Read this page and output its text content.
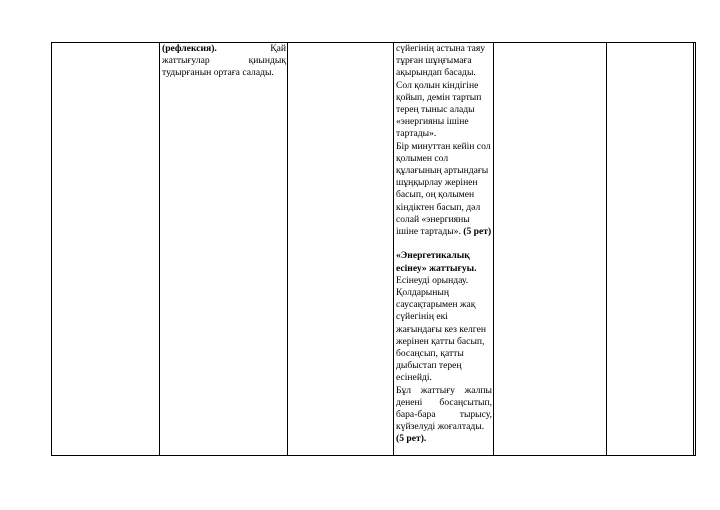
(рефлексия).	Қай
жаттығулар қиындық
тудырғанын ортаға салады.

сүйегінің астына таяу тұрған шұңғымаға ақырындап басады.
Сол қолын кіндігіне қойып, демін тартып терең тыныс алады «энергияны ішіне тартады».
Бір минуттан кейін сол қолымен сол құлағының артындағы шұңқырлау жерінен басып, оң қолымен кіндіктен басып, дәл солай «энергияны ішіне тартады». (5 рет)
«Энергетикалық есінеу» жаттығуы.
Есінеуді орындау. Қолдарының саусақтарымен жақ сүйегінің екі жағындағы кез келген жерінен қатты басып, босаңсып, қатты дыбыстап терең есінейді.
Бұл жаттығу жалпы денені босаңсытып, бара-бара тырысу, күйзелуді жоғалтады.
(5 рет).
